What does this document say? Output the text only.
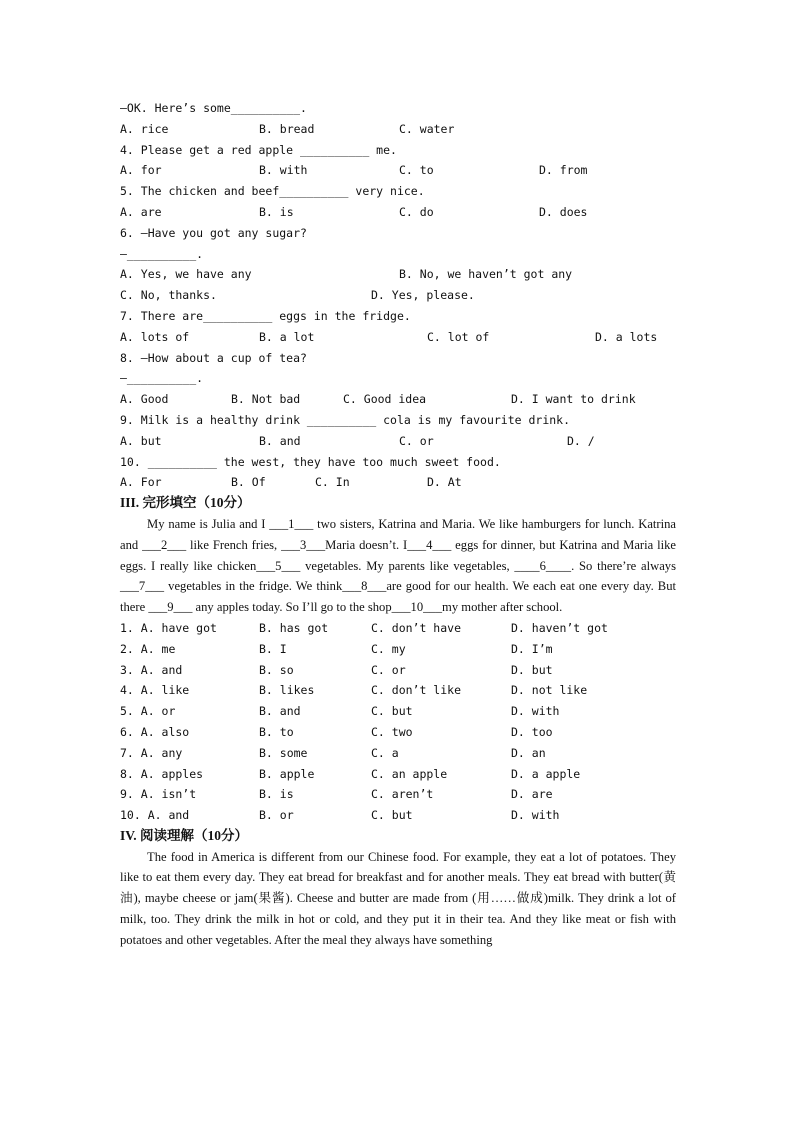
—OK. Here’s some__________.

A. rice

	B. bread

	C. water

4. Please get a red apple __________ me.

A. for

	B. with

	C. to

	D. from

5. The chicken and beef__________ very nice.

A. are

	B. is

	C. do

	D. does

6. —Have you got any sugar?
—__________.

A. Yes, we have any

	B. No, we haven’t got any

C. No, thanks.

	D. Yes, please.

7. There are__________ eggs in the fridge.

A. lots of

	B. a lot

	C. lot of

	D. a lots

8. —How about a cup of tea?
—__________.

A. Good

	B. Not bad

	C. Good idea

	D. I want to drink

9. Milk is a healthy drink __________ cola is my favourite drink.

A. but

	B. and

	C. or

	D. /

10. __________ the west, they have too much sweet food.

A. For

	B. Of

	C. In

	D. At

III. 完形填空（10分）

My name is Julia and I ___1___ two sisters, Katrina and Maria. We like hamburgers for lunch. Katrina and ___2___ like French fries, ___3___Maria doesn’t. I___4___ eggs for dinner, but Katrina and Maria like eggs. I really like chicken___5___ vegetables. My parents like vegetables, ____6____. So there’re always ___7___ vegetables in the fridge. We think___8___are good for our health. We each eat one every day. But there ___9___ any apples today. So I’ll go to the shop___10___my mother after school.

1. A. have got	B. has got	C. don’t have	D. haven’t got
2. A. me	B. I	C. my	D. I’m
3. A. and	B. so	C. or	D. but
4. A. like	B. likes	C. don’t like	D. not like
5. A. or	B. and	C. but	D. with
6. A. also	B. to	C. two	D. too
7. A. any	B. some	C. a	D. an
8. A. apples	B. apple	C. an apple	D. a apple
9. A. isn’t	B. is	C. aren’t	D. are
10. A. and	B. or	C. but	D. with
IV. 阅读理解（10分）

The food in America is different from our Chinese food. For example, they eat a lot of potatoes. They like to eat them every day. They eat bread for breakfast and for another meals. They eat bread with butter(黄油), maybe cheese or jam(果酱). Cheese and butter are made from (用……做成)milk. They drink a lot of milk, too. They drink the milk in hot or cold, and they put it in their tea. And they like meat or fish with potatoes and other vegetables. After the meal they always have something
